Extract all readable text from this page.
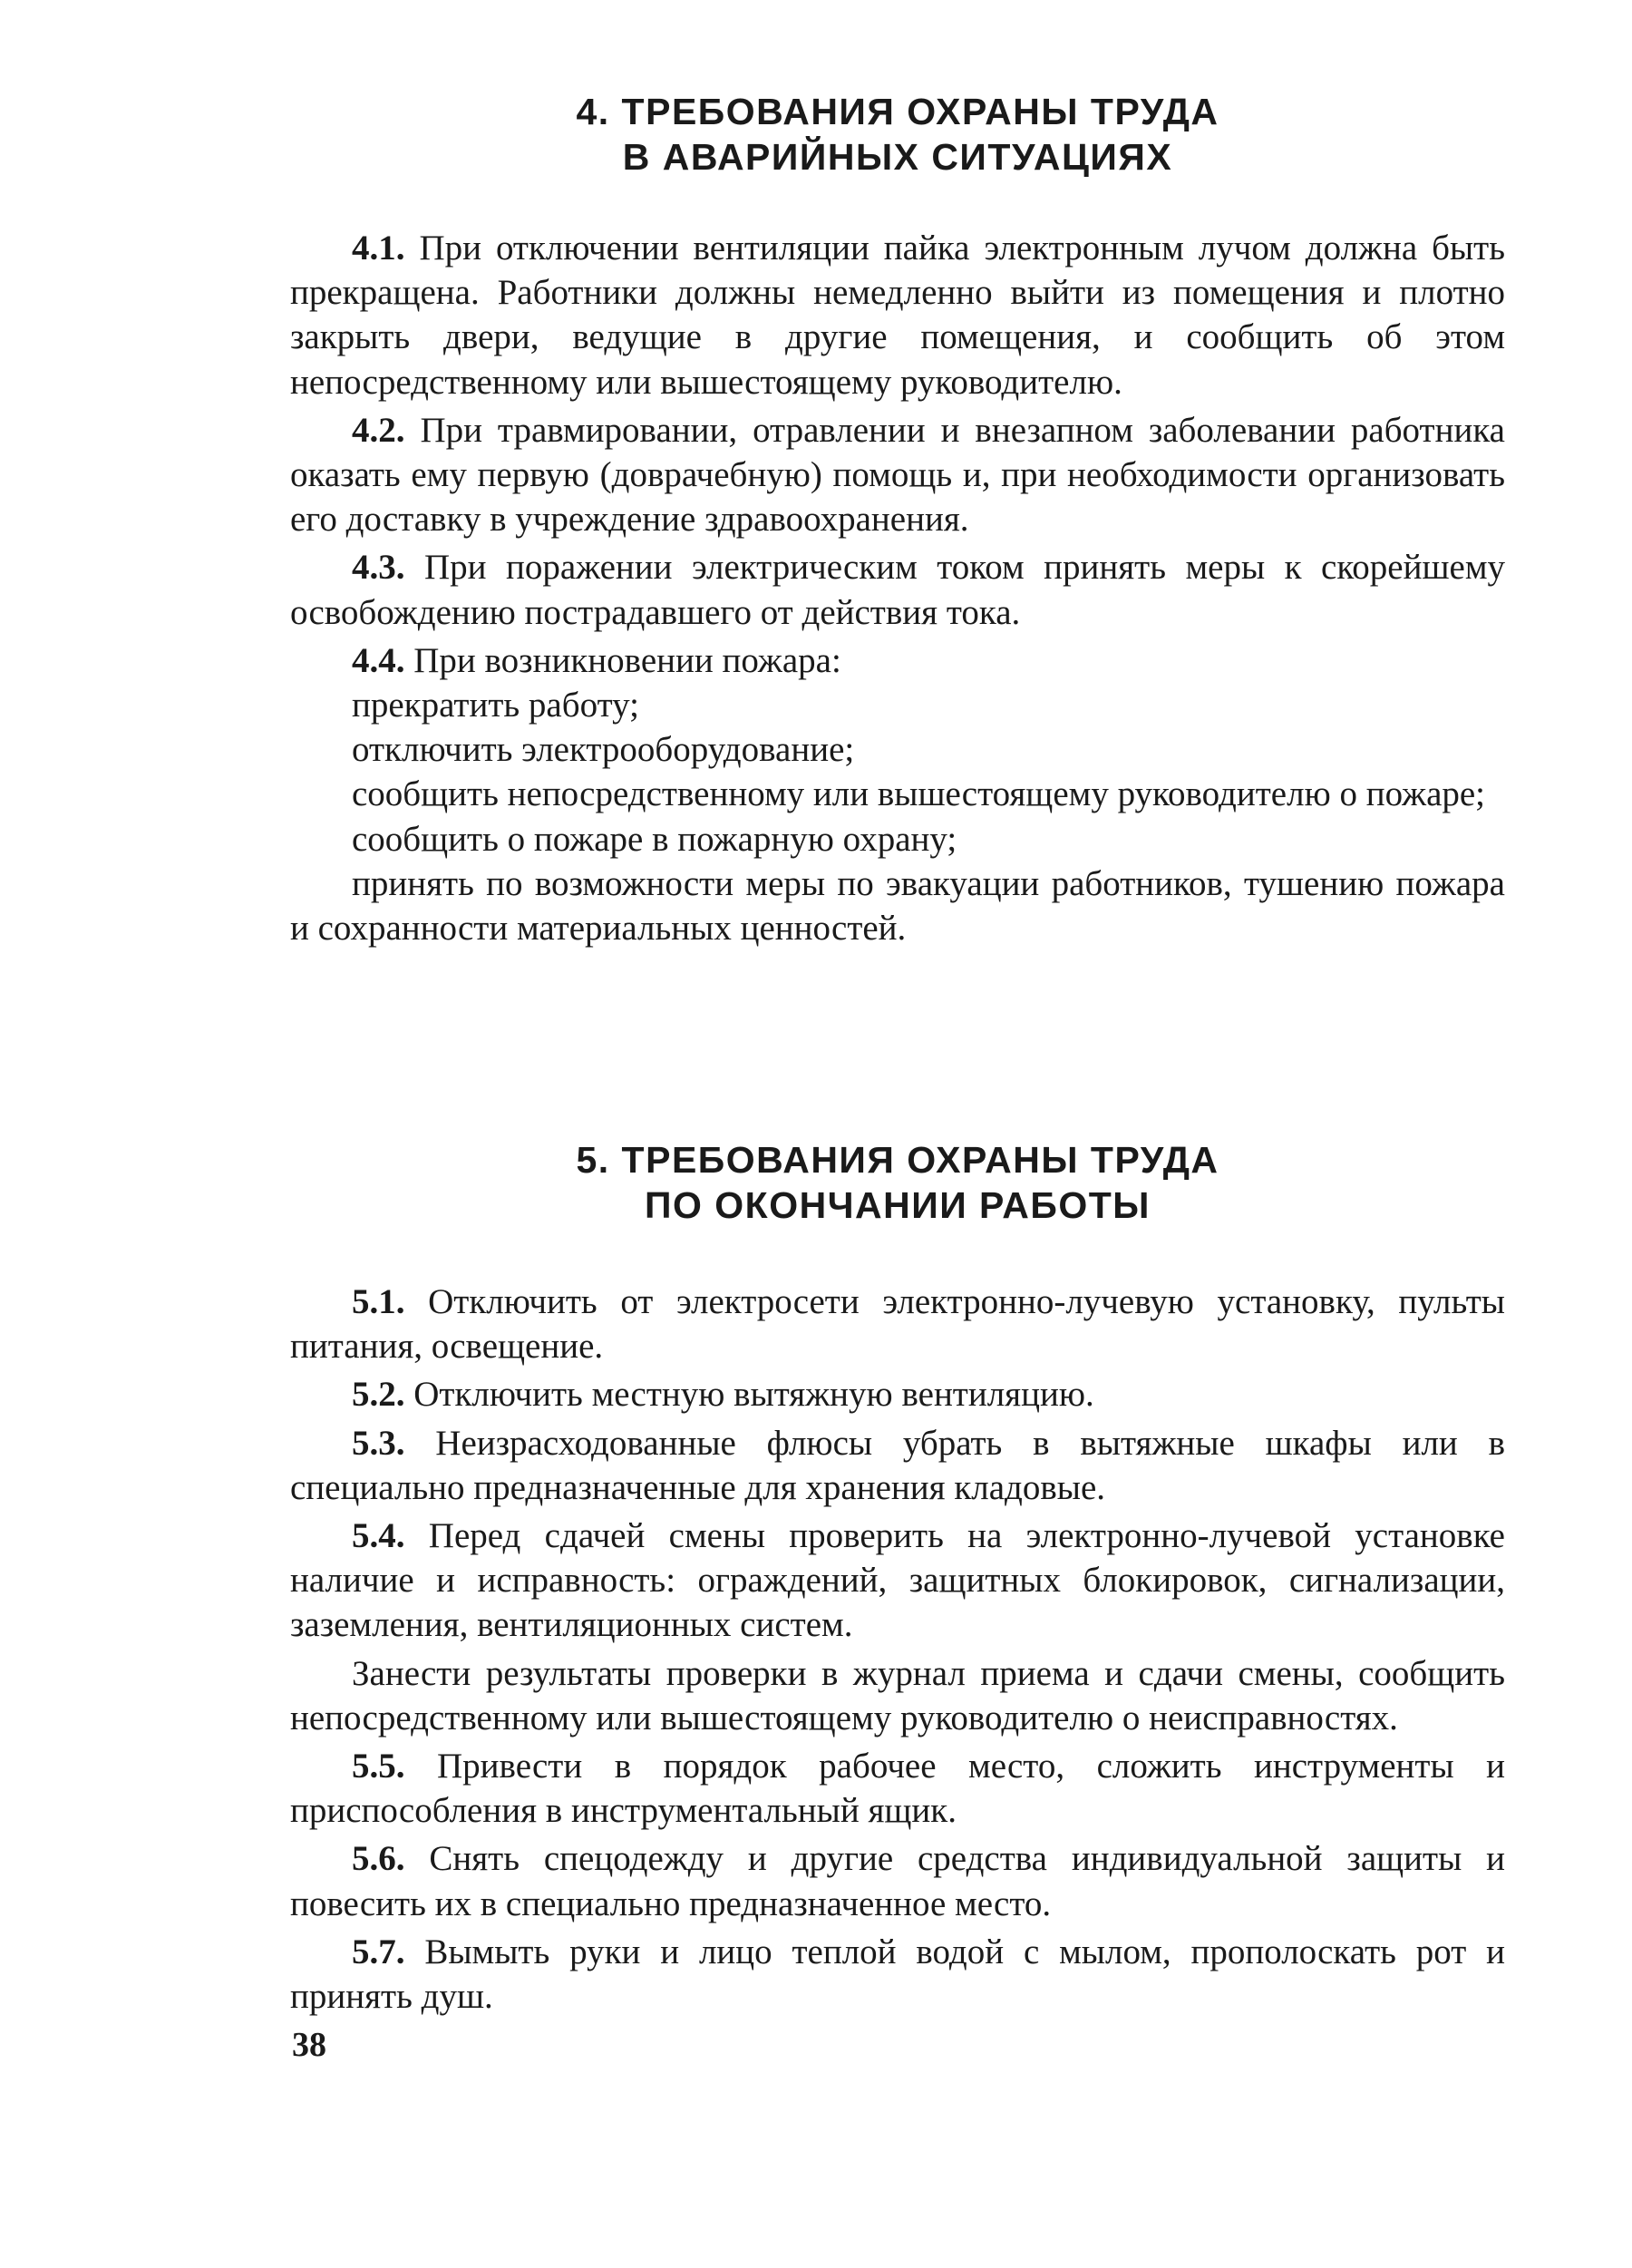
4. ТРЕБОВАНИЯ ОХРАНЫ ТРУДА
В АВАРИЙНЫХ СИТУАЦИЯХ

4.1. При отключении вентиляции пайка электронным лучом должна быть прекращена. Работники должны немедленно выйти из помещения и плотно закрыть двери, ведущие в другие помещения, и сообщить об этом непосредственному или вышестоящему руководителю.

4.2. При травмировании, отравлении и внезапном заболевании работника оказать ему первую (доврачебную) помощь и, при необходимости организовать его доставку в учреждение здравоохранения.

4.3. При поражении электрическим током принять меры к скорейшему освобождению пострадавшего от действия тока.

4.4. При возникновении пожара:

прекратить работу;

отключить электрооборудование;

сообщить непосредственному или вышестоящему руководителю о пожаре;

сообщить о пожаре в пожарную охрану;

принять по возможности меры по эвакуации работников, тушению пожара и сохранности материальных ценностей.

5. ТРЕБОВАНИЯ ОХРАНЫ ТРУДА
ПО ОКОНЧАНИИ РАБОТЫ

5.1. Отключить от электросети электронно-лучевую установку, пульты питания, освещение.

5.2. Отключить местную вытяжную вентиляцию.

5.3. Неизрасходованные флюсы убрать в вытяжные шкафы или в специально предназначенные для хранения кладовые.

5.4. Перед сдачей смены проверить на электронно-лучевой установке наличие и исправность: ограждений, защитных блокировок, сигнализации, заземления, вентиляционных систем.

Занести результаты проверки в журнал приема и сдачи смены, сообщить непосредственному или вышестоящему руководителю о неисправностях.

5.5. Привести в порядок рабочее место, сложить инструменты и приспособления в инструментальный ящик.

5.6. Снять спецодежду и другие средства индивидуальной защиты и повесить их в специально предназначенное место.

5.7. Вымыть руки и лицо теплой водой с мылом, прополоскать рот и принять душ.

38
